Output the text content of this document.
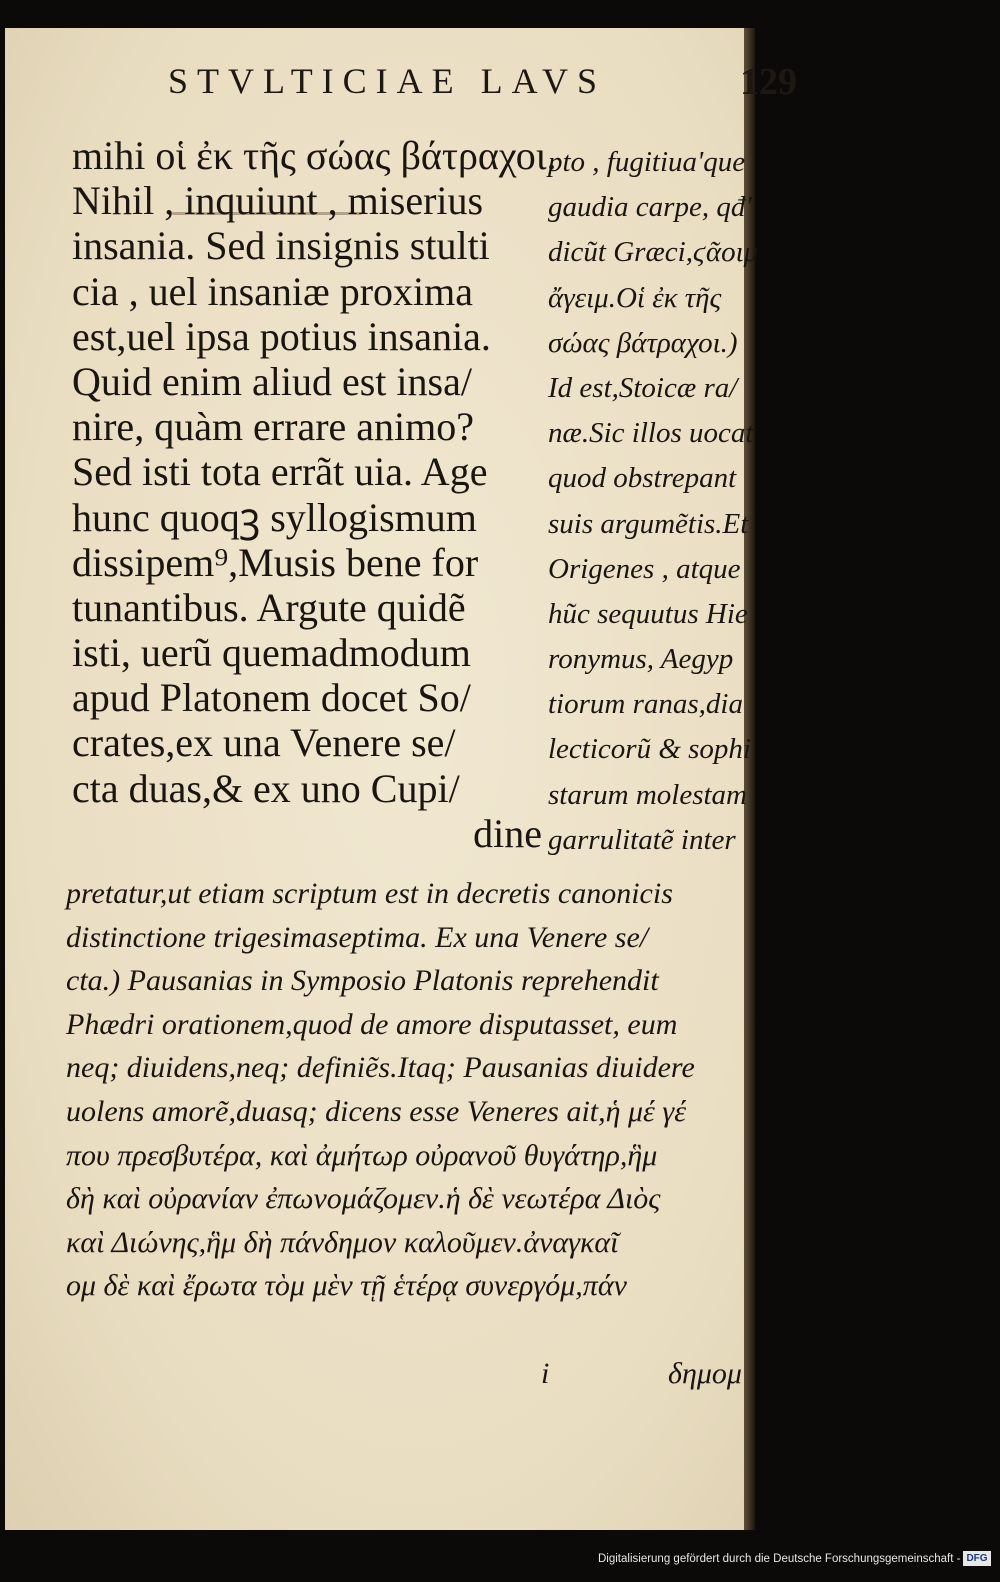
STVLTICIAE LAVS	129
mihi οἱ ἐκ τῆς σώας βάτραχοι.
Nihil , inquiunt , miserius
insania. Sed insignis stulti
cia , uel insaniæ proxima
est,uel ipsa potius insania.
Quid enim aliud est insa/
nire, quàm errare animo?
Sed isti tota errãt uia. Age
hunc quoqꝫ syllogismum
dissipem⁹,Musis bene for
tunantibus. Argute quidẽ
isti, uerũ quemadmodum
apud Platonem docet So/
crates,ex una Venere se/
cta duas,& ex uno Cupi/
dine
pto , fugitiua'que
gaudia carpe, qđ'
dicũt Græci,ϛᾶοιμ
ἄγειμ.Οἱ ἐκ τῆς
σώας βάτραχοι.)
Id est,Stoicæ ra/
næ.Sic illos uocat
quod obstrepant
suis argumẽtis.Et
Origenes , atque
hũc sequutus Hie
ronymus, Aegyp
tiorum ranas,dia
lecticorũ & sophi
starum molestam
garrulitatẽ inter
pretatur,ut etiam scriptum est in decretis canonicis
distinctione trigesimaseptima. Ex una Venere se/
cta.) Pausanias in Symposio Platonis reprehendit
Phædri orationem,quod de amore disputasset, eum
neq; diuidens,neq; definiẽs.Itaq; Pausanias diuidere
uolens amorẽ,duasq; dicens esse Veneres ait,ἡ μέ γέ
που πρεσβυτέρα, καὶ ἀμήτωρ οὐρανοῦ θυγάτηρ,ἣμ
δὴ καὶ οὐρανίαν ἐπωνομάζομεν.ἡ δὲ νεωτέρα Διὸς
καὶ Διώνης,ἣμ δὴ πάνδημον καλοῦμεν.ἀναγκαῖ
ομ δὲ καὶ ἔρωτα τὸμ μὲν τῇ ἑτέρᾳ συνεργόμ,πάν
i	δημομ
Digitalisierung gefördert durch die Deutsche Forschungsgemeinschaft - DFG
